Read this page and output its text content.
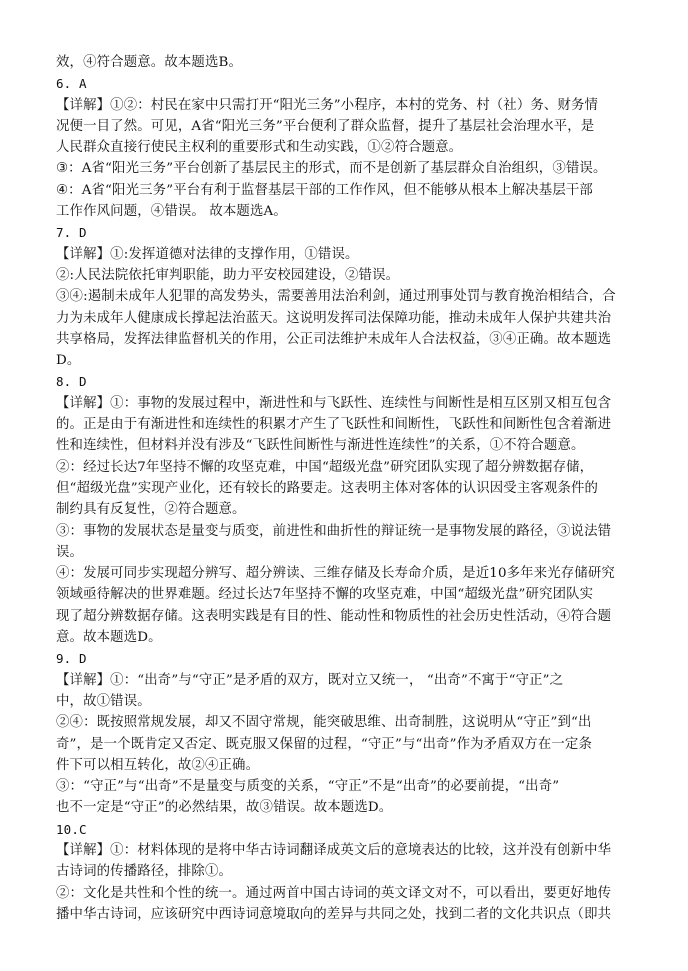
效，④符合题意。故本题选B。
6. A
【详解】①②：村民在家中只需打开“阳光三务”小程序，本村的党务、村（社）务、财务情
况便一目了然。可见，A省“阳光三务”平台便利了群众监督，提升了基层社会治理水平，是
人民群众直接行使民主权利的重要形式和生动实践，①②符合题意。
③：A省“阳光三务”平台创新了基层民主的形式，而不是创新了基层群众自治组织，③错误。
④：A省“阳光三务”平台有利于监督基层干部的工作作风，但不能够从根本上解决基层干部
工作作风问题，④错误。 故本题选A。
7. D
【详解】①:发挥道德对法律的支撑作用，①错误。
②:人民法院依托审判职能，助力平安校园建设，②错误。
③④:遏制未成年人犯罪的高发势头，需要善用法治利剑，通过刑事处罚与教育挽治相结合，合
力为未成年人健康成长撑起法治蓝天。这说明发挥司法保障功能，推动未成年人保护共建共治
共享格局，发挥法律监督机关的作用，公正司法维护未成年人合法权益，③④正确。故本题选
D。
8. D
【详解】①：事物的发展过程中，渐进性和与飞跃性、连续性与间断性是相互区别又相互包含
的。正是由于有渐进性和连续性的积累才产生了飞跃性和间断性，飞跃性和间断性包含着渐进
性和连续性，但材料并没有涉及“飞跃性间断性与渐进性连续性”的关系，①不符合题意。
②：经过长达7年坚持不懈的攻坚克难，中国“超级光盘”研究团队实现了超分辨数据存储，
但“超级光盘”实现产业化，还有较长的路要走。这表明主体对客体的认识因受主客观条件的
制约具有反复性，②符合题意。
③：事物的发展状态是量变与质变，前进性和曲折性的辩证统一是事物发展的路径，③说法错
误。
④：发展可同步实现超分辨写、超分辨读、三维存储及长寿命介质，是近10多年来光存储研究
领域亟待解决的世界难题。经过长达7年坚持不懈的攻坚克难，中国“超级光盘”研究团队实
现了超分辨数据存储。这表明实践是有目的性、能动性和物质性的社会历史性活动，④符合题
意。故本题选D。
9. D
【详解】①：“出奇”与“守正”是矛盾的双方，既对立又统一， “出奇”不寓于“守正”之
中，故①错误。
②④：既按照常规发展，却又不固守常规，能突破思维、出奇制胜，这说明从“守正”到“出
奇”，是一个既肯定又否定、既克服又保留的过程，“守正”与“出奇”作为矛盾双方在一定条
件下可以相互转化，故②④正确。
③：“守正”与“出奇”不是量变与质变的关系，“守正”不是“出奇”的必要前提，“出奇”
也不一定是“守正”的必然结果，故③错误。故本题选D。
10.C
【详解】①：材料体现的是将中华古诗词翻译成英文后的意境表达的比较，这并没有创新中华
古诗词的传播路径，排除①。
②：文化是共性和个性的统一。通过两首中国古诗词的英文译文对不，可以看出，要更好地传
播中华古诗词，应该研究中西诗词意境取向的差异与共同之处，找到二者的文化共识点（即共
